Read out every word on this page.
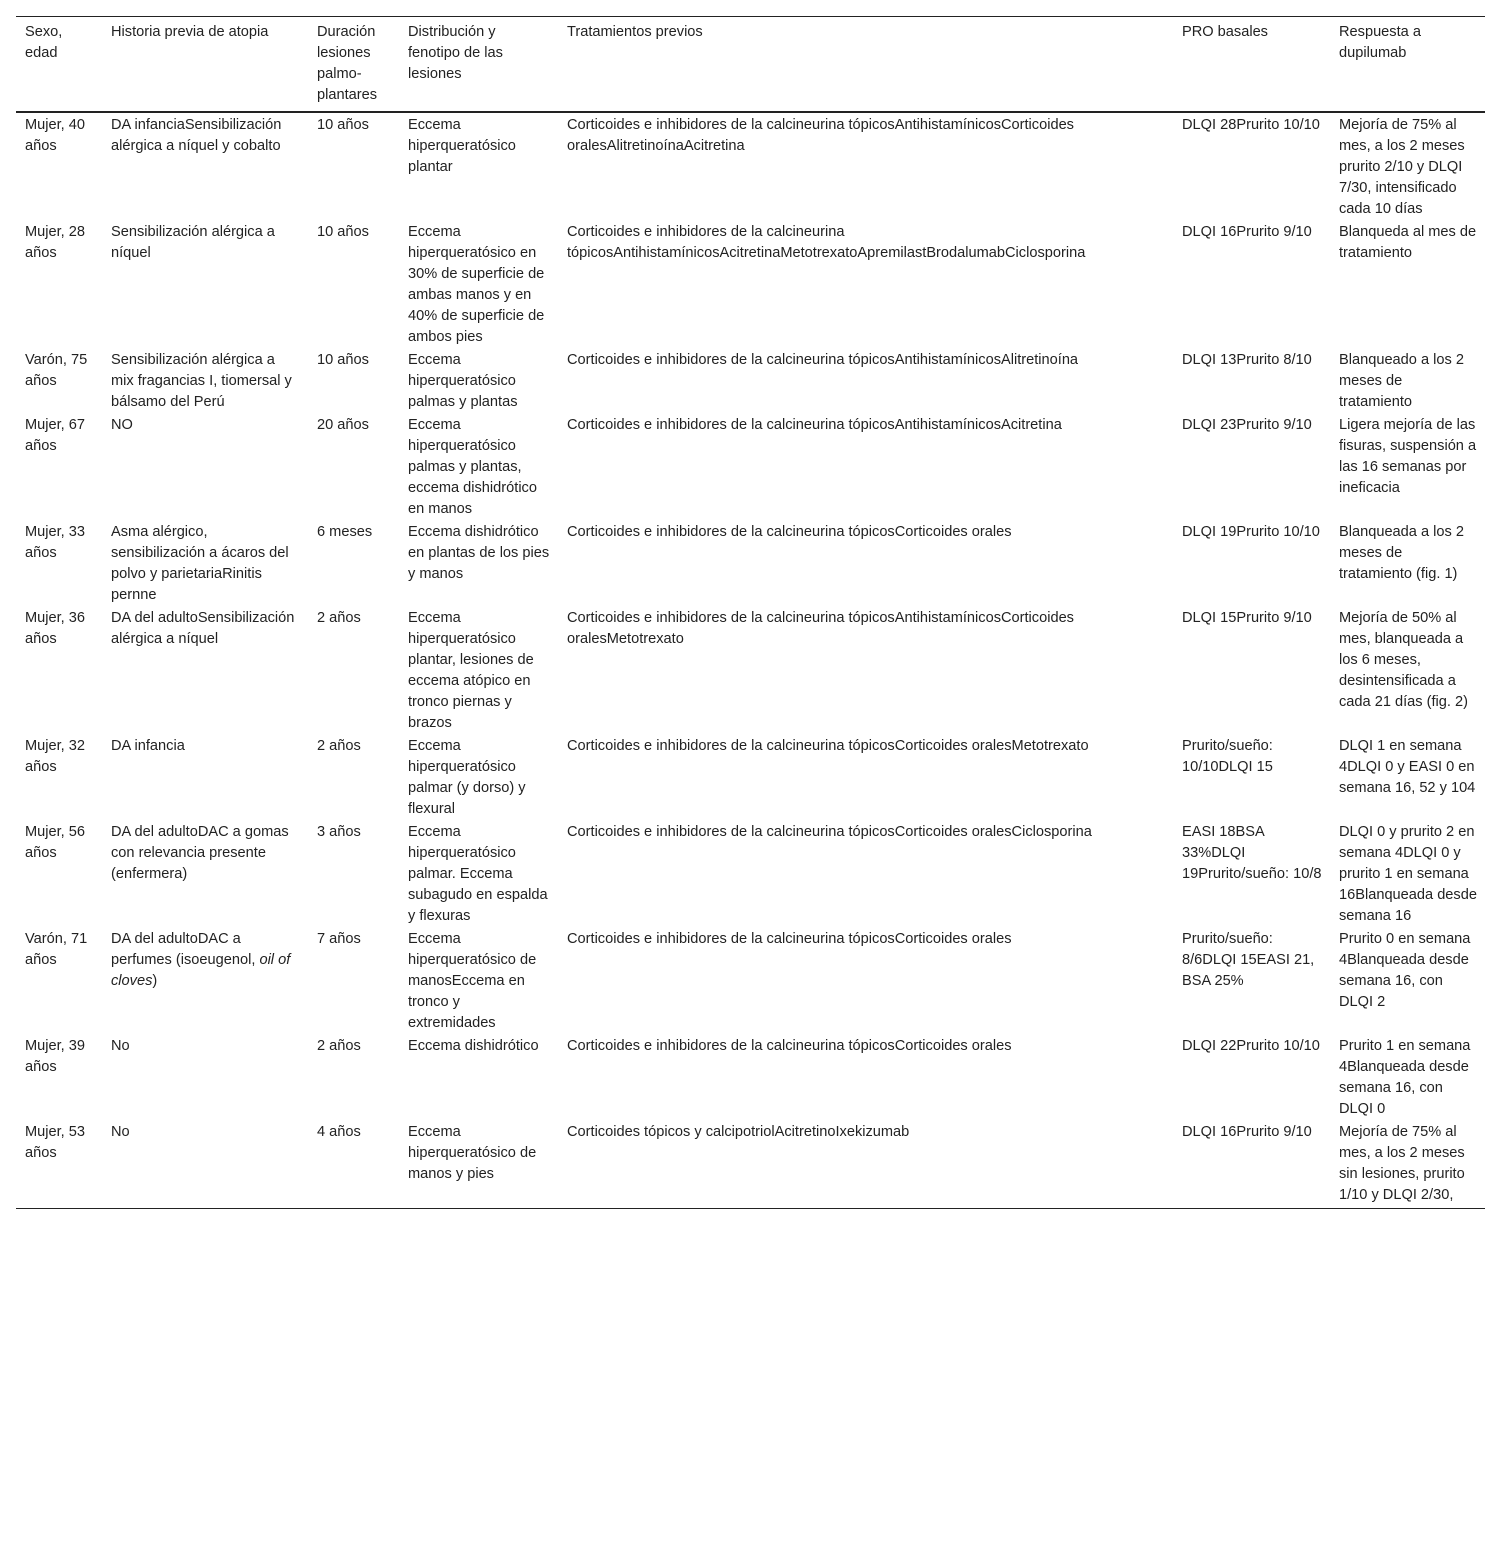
Sexo, edad	Historia previa de atopia	Duración lesiones palmo-plantares	Distribución y fenotipo de las lesiones	Tratamientos previos	PRO basales	Respuesta a dupilumab
Mujer, 40 años	DA infanciaSensibilización alérgica a níquel y cobalto	10 años	Eccema hiperqueratósico plantar	Corticoides e inhibidores de la calcineurina tópicosAntihistamínicosCorticoides oralesAlitretinoínaAcitretina	DLQI 28Prurito 10/10	Mejoría de 75% al mes, a los 2 meses prurito 2/10 y DLQI 7/30, intensificado cada 10 días
Mujer, 28 años	Sensibilización alérgica a níquel	10 años	Eccema hiperqueratósico en 30% de superficie de ambas manos y en 40% de superficie de ambos pies	Corticoides e inhibidores de la calcineurina tópicosAntihistamínicosAcitretinaMetotrexatoApremilastBrodalumabCiclosporina	DLQI 16Prurito 9/10	Blanqueda al mes de tratamiento
Varón, 75 años	Sensibilización alérgica a mix fragancias I, tiomersal y bálsamo del Perú	10 años	Eccema hiperqueratósico palmas y plantas	Corticoides e inhibidores de la calcineurina tópicosAntihistamínicosAlitretinoína	DLQI 13Prurito 8/10	Blanqueado a los 2 meses de tratamiento
Mujer, 67 años	NO	20 años	Eccema hiperqueratósico palmas y plantas, eccema dishidrótico en manos	Corticoides e inhibidores de la calcineurina tópicosAntihistamínicosAcitretina	DLQI 23Prurito 9/10	Ligera mejoría de las fisuras, suspensión a las 16 semanas por ineficacia
Mujer, 33 años	Asma alérgico, sensibilización a ácaros del polvo y parietariaRinitis pernne	6 meses	Eccema dishidrótico en plantas de los pies y manos	Corticoides e inhibidores de la calcineurina tópicosCorticoides orales	DLQI 19Prurito 10/10	Blanqueada a los 2 meses de tratamiento (fig. 1)
Mujer, 36 años	DA del adultoSensibilización alérgica a níquel	2 años	Eccema hiperqueratósico plantar, lesiones de eccema atópico en tronco piernas y brazos	Corticoides e inhibidores de la calcineurina tópicosAntihistamínicosCorticoides oralesMetotrexato	DLQI 15Prurito 9/10	Mejoría de 50% al mes, blanqueada a los 6 meses, desintensificada a cada 21 días (fig. 2)
Mujer, 32 años	DA infancia	2 años	Eccema hiperqueratósico palmar (y dorso) y flexural	Corticoides e inhibidores de la calcineurina tópicosCorticoides oralesMetotrexato	Prurito/sueño: 10/10DLQI 15	DLQI 1 en semana 4DLQI 0 y EASI 0 en semana 16, 52 y 104
Mujer, 56 años	DA del adultoDAC a gomas con relevancia presente (enfermera)	3 años	Eccema hiperqueratósico palmar. Eccema subagudo en espalda y flexuras	Corticoides e inhibidores de la calcineurina tópicosCorticoides oralesCiclosporina	EASI 18BSA 33%DLQI 19Prurito/sueño: 10/8	DLQI 0 y prurito 2 en semana 4DLQI 0 y prurito 1 en semana 16Blanqueada desde semana 16
Varón, 71 años	DA del adultoDAC a perfumes (isoeugenol, oil of cloves)	7 años	Eccema hiperqueratósico de manosEccema en tronco y extremidades	Corticoides e inhibidores de la calcineurina tópicosCorticoides orales	Prurito/sueño: 8/6DLQI 15EASI 21, BSA 25%	Prurito 0 en semana 4Blanqueada desde semana 16, con DLQI 2
Mujer, 39 años	No	2 años	Eccema dishidrótico	Corticoides e inhibidores de la calcineurina tópicosCorticoides orales	DLQI 22Prurito 10/10	Prurito 1 en semana 4Blanqueada desde semana 16, con DLQI 0
Mujer, 53 años	No	4 años	Eccema hiperqueratósico de manos y pies	Corticoides tópicos y calcipotriolAcitretinoIxekizumab	DLQI 16Prurito 9/10	Mejoría de 75% al mes, a los 2 meses sin lesiones, prurito 1/10 y DLQI 2/30,
